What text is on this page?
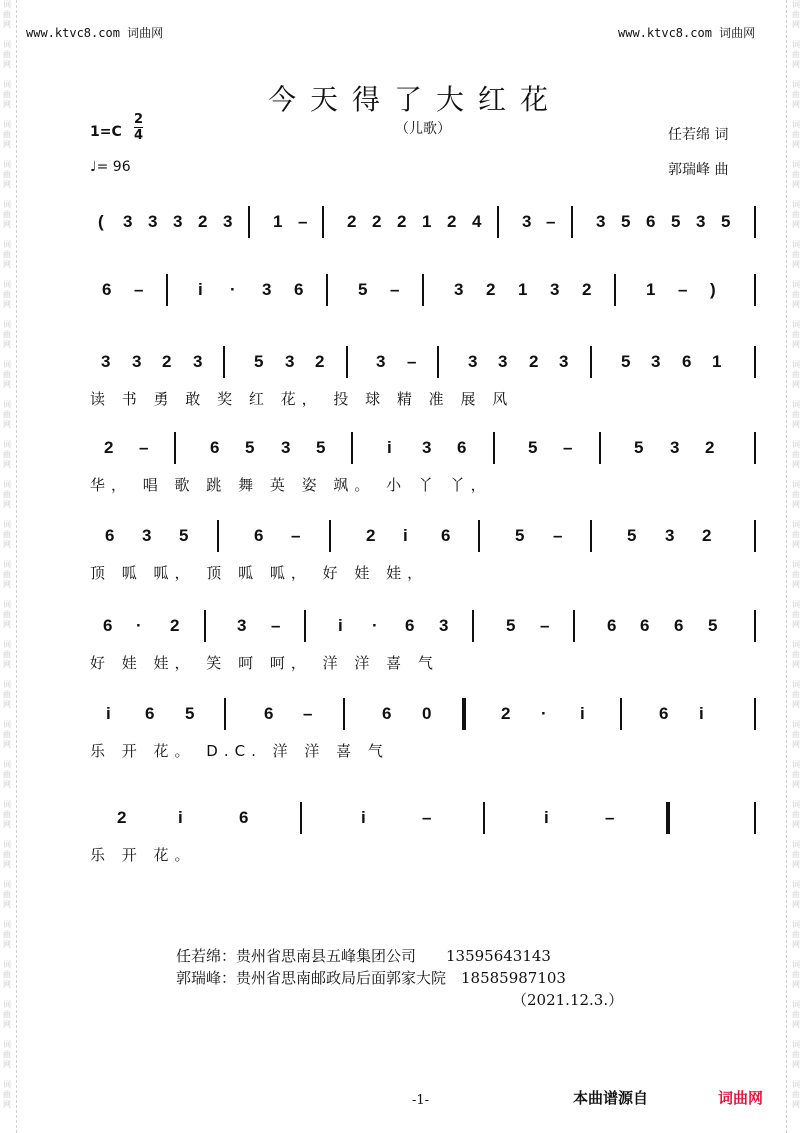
词
曲
网
词
曲
网
词
曲
网
词
曲
网
词
曲
网
词
曲
网
词
曲
网
词
曲
网
词
曲
网
词
曲
网
词
曲
网
词
曲
网
词
曲
网
词
曲
网
词
曲
网
词
曲
网
词
曲
网
词
曲
网
词
曲
网
词
曲
网
词
曲
网
词
曲
网
词
曲
网
词
曲
网
词
曲
网
词
曲
网
词
曲
网
词
曲
网
词
曲
网
词
曲
网
词
曲
网
词
曲
网
词
曲
网
词
曲
网
词
曲
网
词
曲
网
词
曲
网
词
曲
网
词
曲
网
词
曲
网
词
曲
网
词
曲
网
词
曲
网
词
曲
网
词
曲
网
词
曲
网
词
曲
网
词
曲
网
词
曲
网
词
曲
网
词
曲
网
词
曲
网
词
曲
网
词
曲
网
词
曲
网
词
曲
网
www.ktvc8.com 词曲网	www.ktvc8.com 词曲网
今天得了大红花
（儿歌）
1=C
2
4
♩= 96
任若绵 词
郭瑞峰 曲
( 3 3 3 2 3 1 – 2 2 2 1 2 4 3 – 3 5 6 5 3 5
6 –	i · 3 6	5 –	3 2 1 3 2	1 – )
3 3 2 3	5 3 2	3 –	3 3 2 3	5 3 6 1
读 书 勇 敢 奖 红 花， 投 球 精 准 展 风
2 –	6 5 3 5	i 3 6	5 –	5 3 2
华， 唱 歌 跳 舞 英 姿 飒。 小 丫 丫，
6 3 5	6 –	2 i 6	5 –	5 3 2
顶 呱 呱， 顶 呱 呱， 好 娃 娃，
6 · 2	3 –	i · 6 3	5 –	6 6 6 5
好 娃 娃， 笑 呵 呵， 洋 洋 喜 气
i 6 5	6 –	6 0	2 · i	6 i
乐 开 花。 D.C. 洋 洋 喜 气
2	i	6	i	–	i	–
乐 开 花。
任若绵：贵州省思南县五峰集团公司　　13595643143
郭瑞峰：贵州省思南邮政局后面郭家大院　18585987103
（2021.12.3.）
-1-	本曲谱源自	词曲网
